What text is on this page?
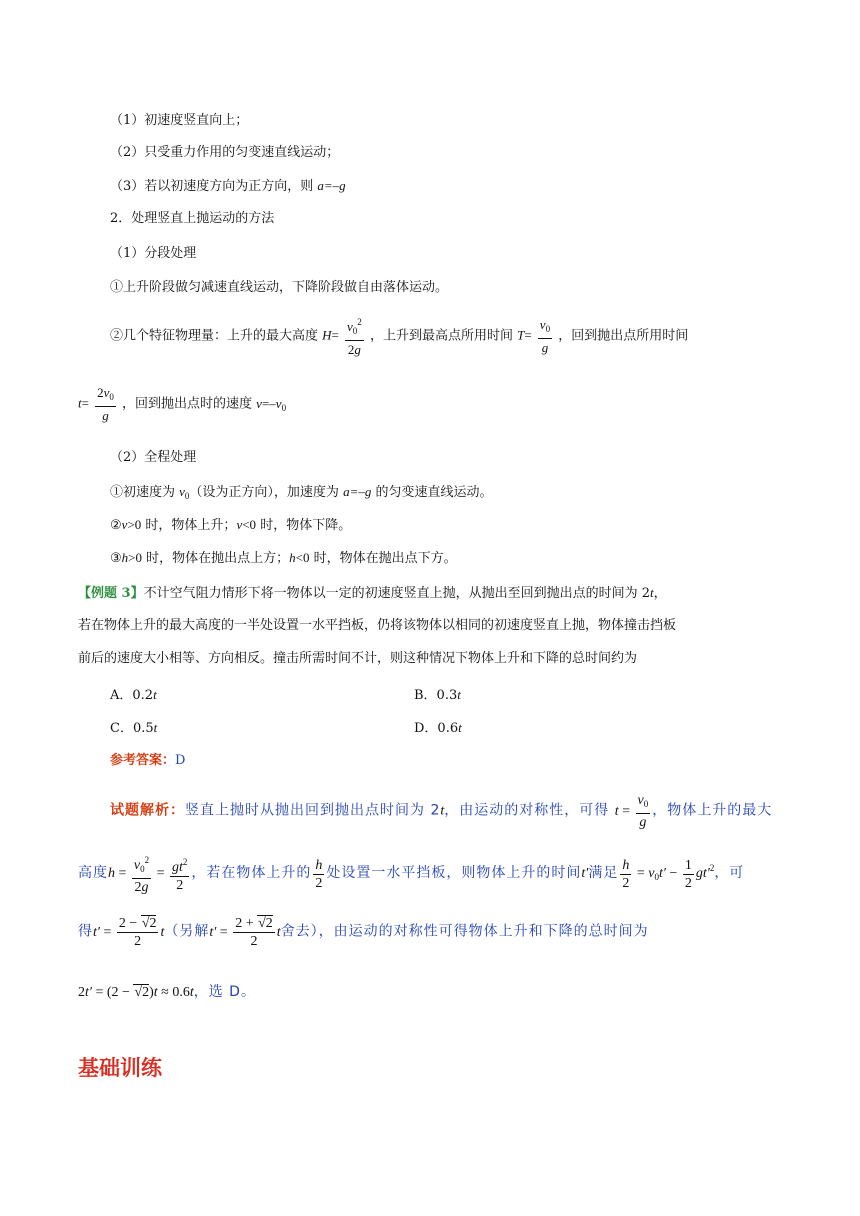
（1）初速度竖直向上；
（2）只受重力作用的匀变速直线运动；
（3）若以初速度方向为正方向，则 a=–g
2．处理竖直上抛运动的方法
（1）分段处理
①上升阶段做匀减速直线运动，下降阶段做自由落体运动。
②几个特征物理量：上升的最大高度 $H= \frac{v_0^2}{2g}$ ，上升到最高点所用时间 $T= \frac{v_0}{g}$ ，回到抛出点所用时间
$t= \frac{2v_0}{g}$ ，回到抛出点时的速度 $v=-v_0$
（2）全程处理
①初速度为 $v_0$（设为正方向），加速度为 a=–g 的匀变速直线运动。
②v>0 时，物体上升；v<0 时，物体下降。
③h>0 时，物体在抛出点上方；h<0 时，物体在抛出点下方。
【例题 3】不计空气阻力情形下将一物体以一定的初速度竖直上抛，从抛出至回到抛出点的时间为 2t，
若在物体上升的最大高度的一半处设置一水平挡板，仍将该物体以相同的初速度竖直上抛，物体撞击挡板
前后的速度大小相等、方向相反。撞击所需时间不计，则这种情况下物体上升和下降的总时间约为
A．0.2t	B．0.3t
C．0.5t	D．0.6t
参考答案：D
试题解析：竖直上抛时从抛出回到抛出点时间为 2t，由运动的对称性，可得 $t = \frac{v_0}{g}$ ，物体上升的最大
高度$h = \frac{v_0^2}{2g} = \frac{gt^2}{2}$ ，若在物体上升的 $\frac{h}{2}$ 处设置一水平挡板，则物体上升的时间t′满足 $\frac{h}{2} = v_0t' - \frac{1}{2} gt'^2$，可
得$t' = \frac{2 - √2}{2} t$（另解$t' = \frac{2 + √2}{2}$ t舍去），由运动的对称性可得物体上升和下降的总时间为
2t′ = (2 − √2)t ≈ 0.6t，选 D。
基础训练
